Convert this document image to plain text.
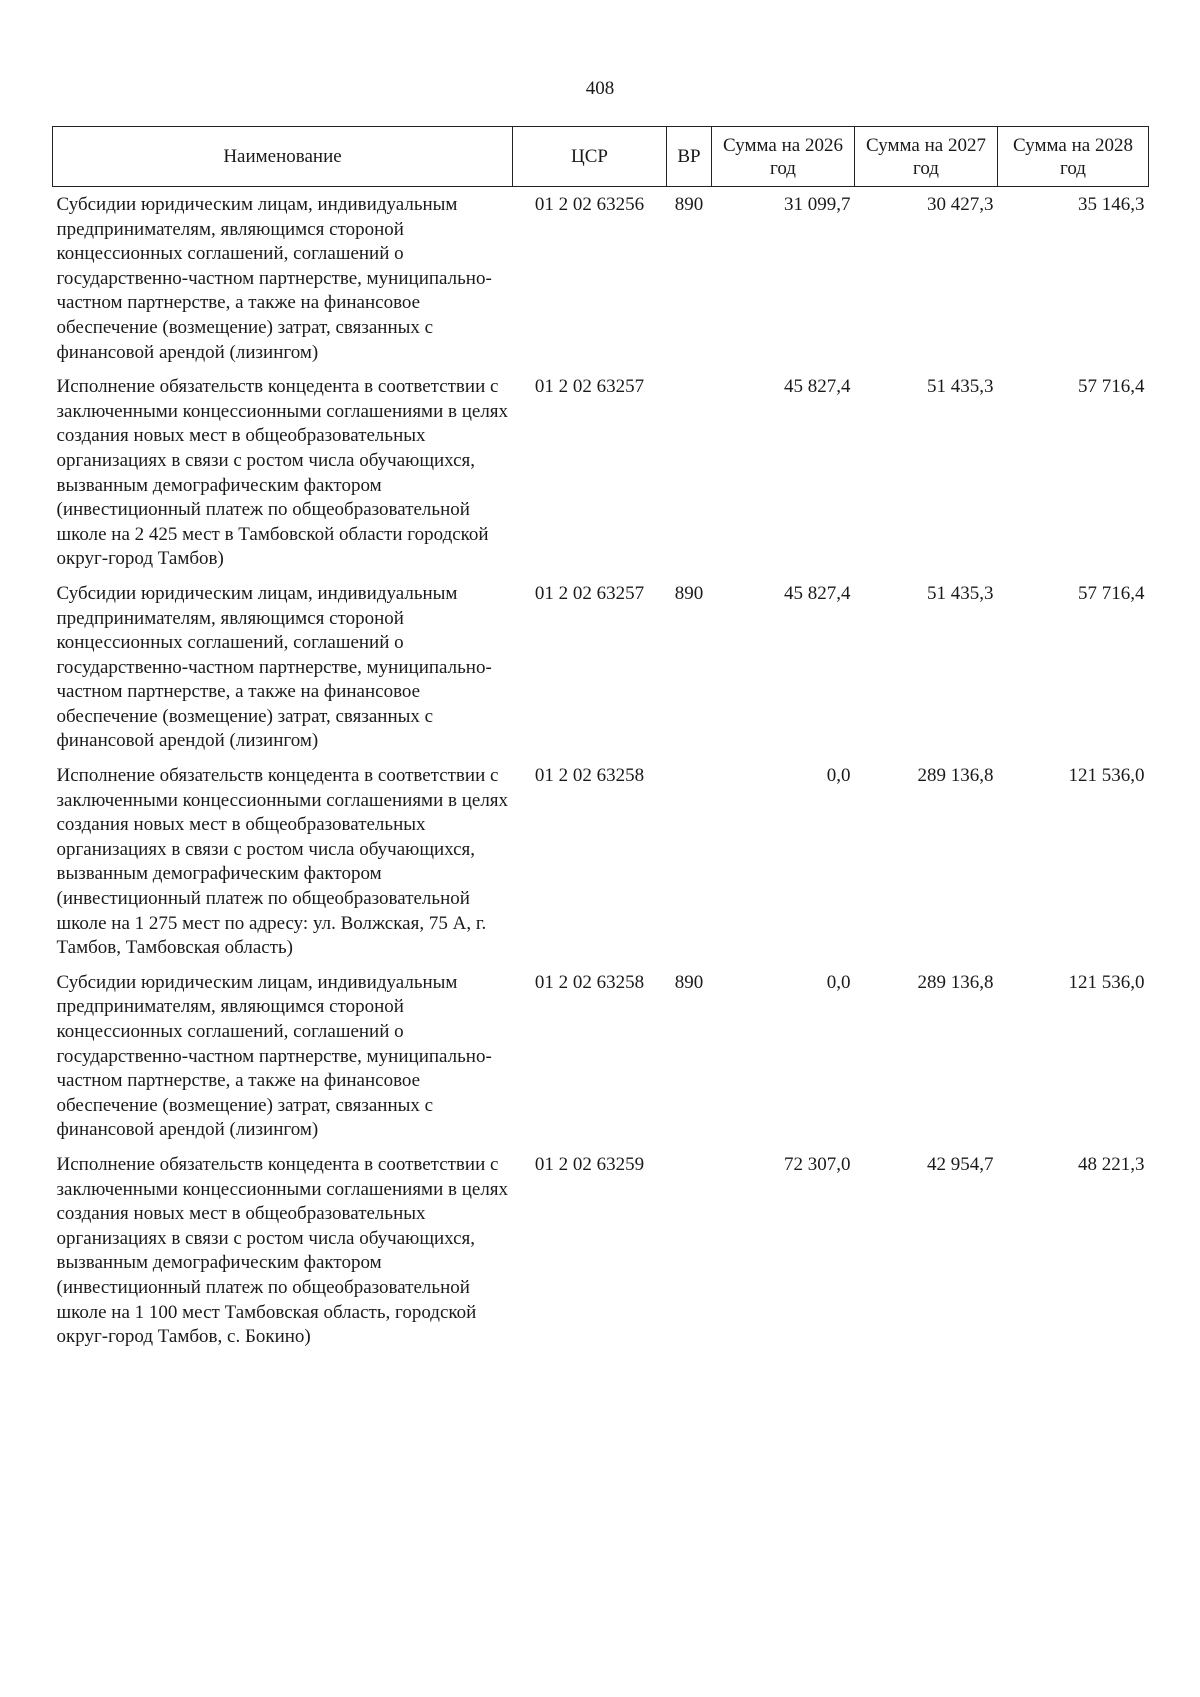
408
Наименование	ЦСР	ВР	Сумма на 2026 год	Сумма на 2027 год	Сумма на 2028 год
Субсидии юридическим лицам, индивидуальным предпринимателям, являющимся стороной концессионных соглашений, соглашений о государственно-частном партнерстве, муниципально-частном партнерстве, а также на финансовое обеспечение (возмещение) затрат, связанных с финансовой арендой (лизингом)	01 2 02 63256	890	31 099,7	30 427,3	35 146,3
Исполнение обязательств концедента в соответствии с заключенными концессионными соглашениями в целях создания новых мест в общеобразовательных организациях в связи с ростом числа обучающихся, вызванным демографическим фактором (инвестиционный платеж по общеобразовательной школе на 2 425 мест в Тамбовской области городской округ-город Тамбов)	01 2 02 63257		45 827,4	51 435,3	57 716,4
Субсидии юридическим лицам, индивидуальным предпринимателям, являющимся стороной концессионных соглашений, соглашений о государственно-частном партнерстве, муниципально-частном партнерстве, а также на финансовое обеспечение (возмещение) затрат, связанных с финансовой арендой (лизингом)	01 2 02 63257	890	45 827,4	51 435,3	57 716,4
Исполнение обязательств концедента в соответствии с заключенными концессионными соглашениями в целях создания новых мест в общеобразовательных организациях в связи с ростом числа обучающихся, вызванным демографическим фактором (инвестиционный платеж по общеобразовательной школе на 1 275 мест по адресу: ул. Волжская, 75 А, г. Тамбов, Тамбовская область)	01 2 02 63258		0,0	289 136,8	121 536,0
Субсидии юридическим лицам, индивидуальным предпринимателям, являющимся стороной концессионных соглашений, соглашений о государственно-частном партнерстве, муниципально-частном партнерстве, а также на финансовое обеспечение (возмещение) затрат, связанных с финансовой арендой (лизингом)	01 2 02 63258	890	0,0	289 136,8	121 536,0
Исполнение обязательств концедента в соответствии с заключенными концессионными соглашениями в целях создания новых мест в общеобразовательных организациях в связи с ростом числа обучающихся, вызванным демографическим фактором (инвестиционный платеж по общеобразовательной школе на 1 100 мест Тамбовская область, городской округ-город Тамбов, с. Бокино)	01 2 02 63259		72 307,0	42 954,7	48 221,3
